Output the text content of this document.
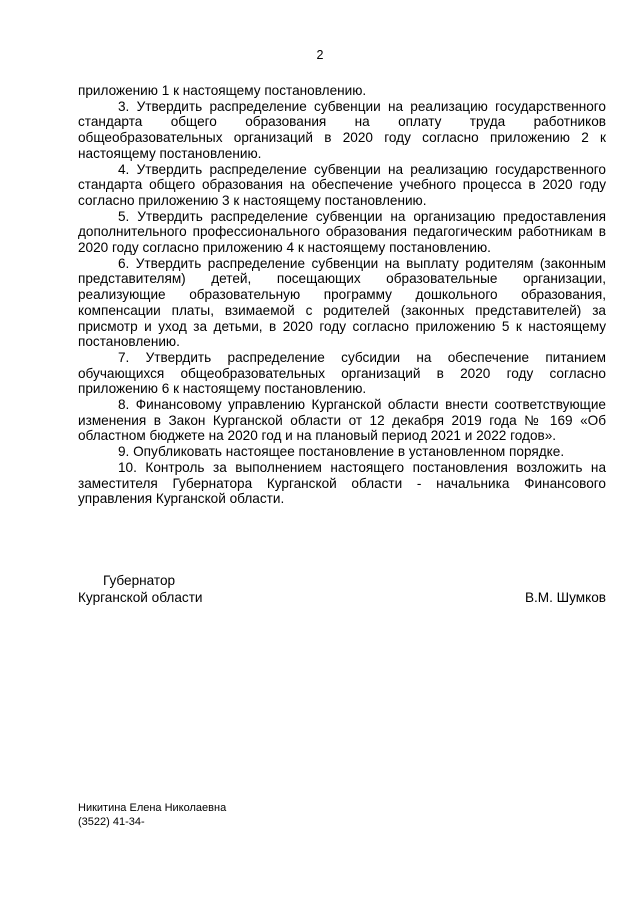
2

приложению 1 к настоящему постановлению.

3. Утвердить распределение субвенции на реализацию государственного стандарта общего образования на оплату труда работников общеобразовательных организаций в 2020 году согласно приложению 2 к настоящему постановлению.

4. Утвердить распределение субвенции на реализацию государственного стандарта общего образования на обеспечение учебного процесса в 2020 году согласно приложению 3 к настоящему постановлению.

5. Утвердить распределение субвенции на организацию предоставления дополнительного профессионального образования педагогическим работникам в 2020 году согласно приложению 4 к настоящему постановлению.

6. Утвердить распределение субвенции на выплату родителям (законным представителям) детей, посещающих образовательные организации, реализующие образовательную программу дошкольного образования, компенсации платы, взимаемой с родителей (законных представителей) за присмотр и уход за детьми, в 2020 году согласно приложению 5 к настоящему постановлению.

7. Утвердить распределение субсидии на обеспечение питанием обучающихся общеобразовательных организаций в 2020 году согласно приложению 6 к настоящему постановлению.

8. Финансовому управлению Курганской области внести соответствующие изменения в Закон Курганской области от 12 декабря 2019 года № 169 «Об областном бюджете на 2020 год и на плановый период 2021 и 2022 годов».

9. Опубликовать настоящее постановление в установленном порядке.

10. Контроль за выполнением настоящего постановления возложить на заместителя Губернатора Курганской области - начальника Финансового управления Курганской области.

Губернатор
Курганской области	В.М. Шумков
Никитина Елена Николаевна
(3522) 41-34-
